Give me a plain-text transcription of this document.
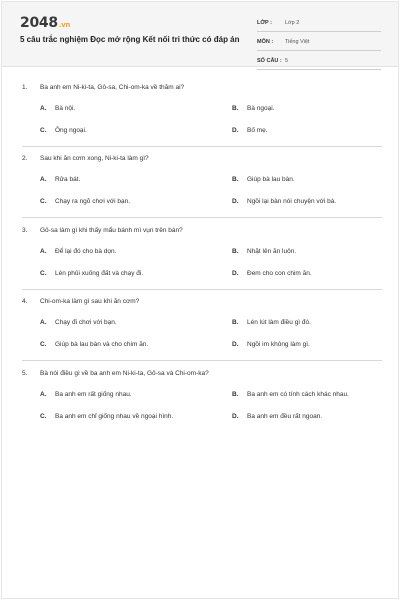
2048.vn
5 câu trắc nghiệm Đọc mở rộng Kết nối tri thức có đáp án
LỚP : Lớp 2
MÔN : Tiếng Việt
SỐ CÂU : 5
1. Ba anh em Ni-ki-ta, Gô-sa, Chi-om-ka về thăm ai?
A. Bà nội.	B. Bà ngoại.
C. Ông ngoại.	D. Bố mẹ.
2. Sau khi ăn cơm xong, Ni-ki-ta làm gì?
A. Rửa bát.	B. Giúp bà lau bàn.
C. Chạy ra ngõ chơi với bạn.	D. Ngồi lại bàn nói chuyện với bà.
3. Gô-sa làm gì khi thấy mẩu bánh mì vụn trên bàn?
A. Để lại đó cho bà dọn.	B. Nhặt lên ăn luôn.
C. Lén phủi xuống đất và chạy đi.	D. Đem cho con chim ăn.
4. Chi-om-ka làm gì sau khi ăn cơm?
A. Chạy đi chơi với bạn.	B. Lén lút làm điều gì đó.
C. Giúp bà lau bàn và cho chim ăn.	D. Ngồi im không làm gì.
5. Bà nói điều gì về ba anh em Ni-ki-ta, Gô-sa và Chi-om-ka?
A. Ba anh em rất giống nhau.	B. Ba anh em có tính cách khác nhau.
C. Ba anh em chỉ giống nhau về ngoại hình.	D. Ba anh em đều rất ngoan.
